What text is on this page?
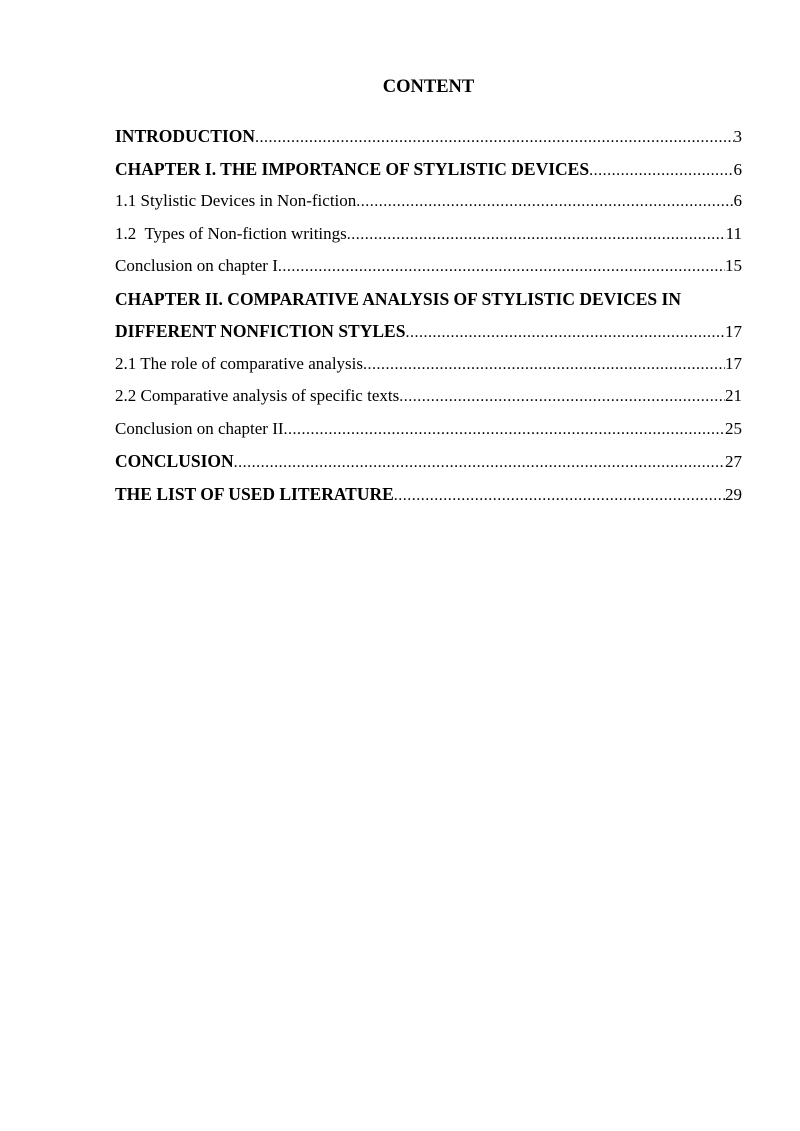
CONTENT
INTRODUCTION .....	3
CHAPTER I. THE IMPORTANCE OF STYLISTIC DEVICES .....	6
1.1 Stylistic Devices in Non-fiction .....	6
1.2  Types of Non-fiction writings .....	11
Conclusion on chapter I .....	15
CHAPTER II. COMPARATIVE ANALYSIS OF STYLISTIC DEVICES IN
DIFFERENT NONFICTION STYLES .....	17
2.1 The role of comparative analysis .....	17
2.2 Comparative analysis of specific texts .....	21
Conclusion on chapter II .....	25
CONCLUSION .....	27
THE LIST OF USED LITERATURE .....	29
